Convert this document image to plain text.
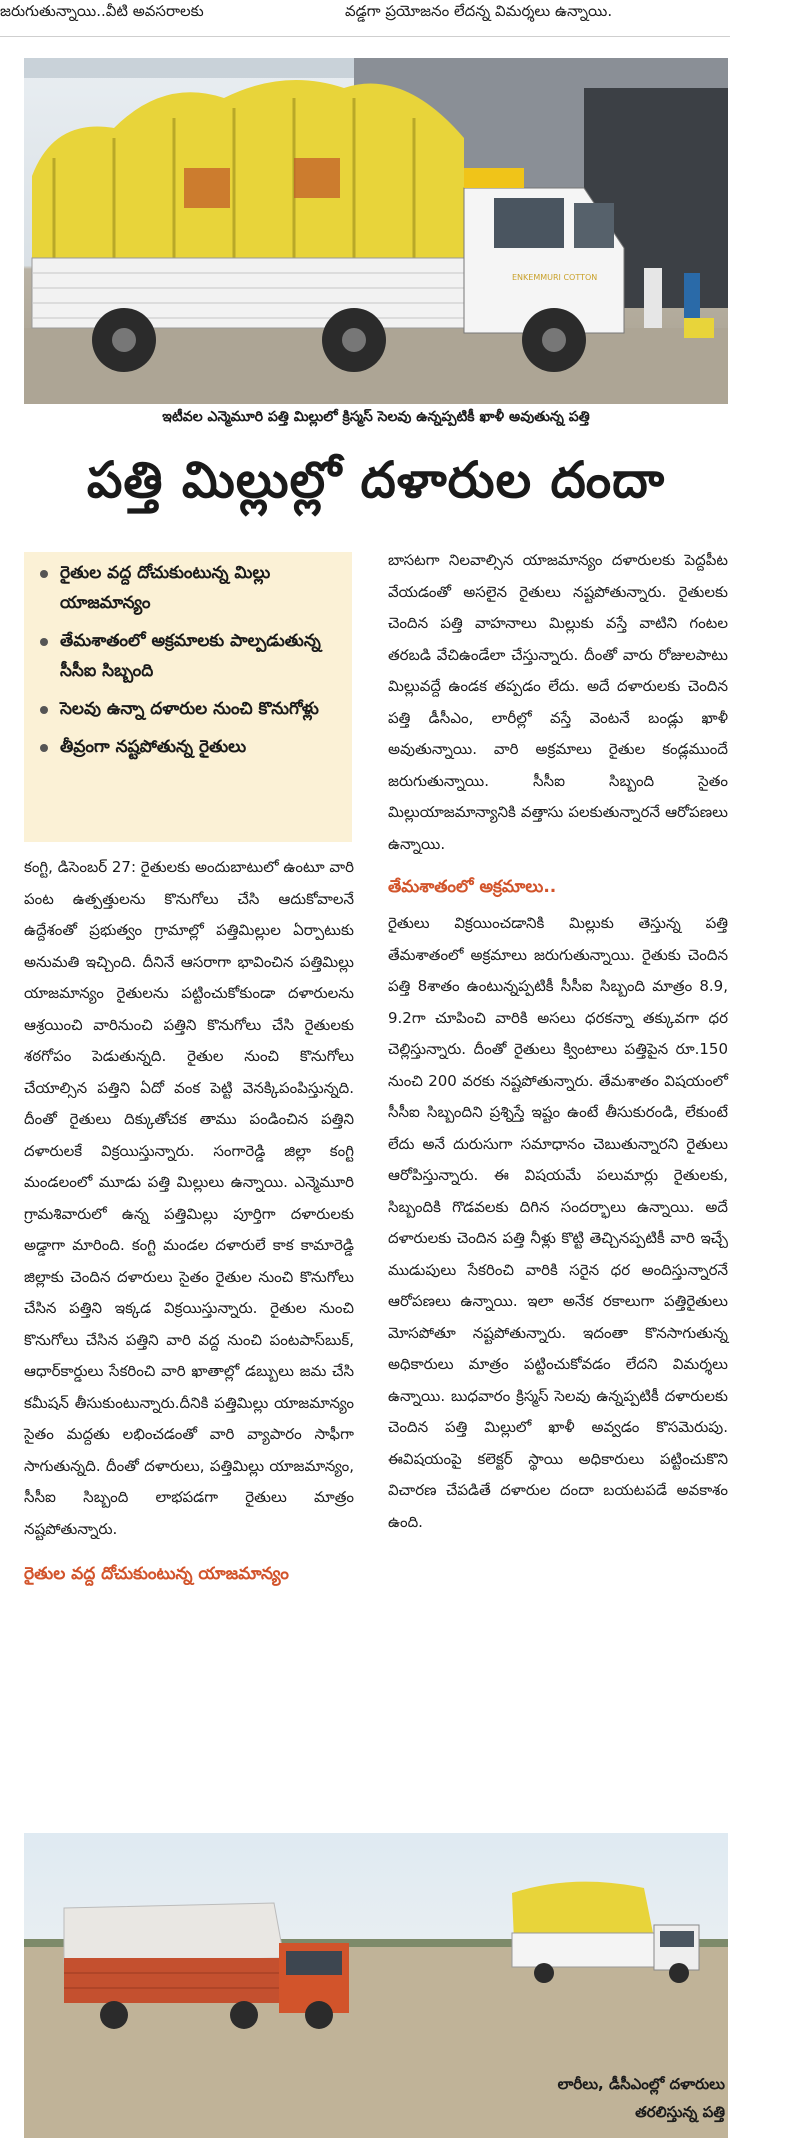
జరుగుతున్నాయి..వీటి అవసరాలకు	వడ్డగా ప్రయోజనం లేదన్న విమర్శలు ఉన్నాయి.
ENKEMMURI COTTON
ఇటీవల ఎన్మెమూరి పత్తి మిల్లులో క్రిస్మస్ సెలవు ఉన్నప్పటికీ ఖాళీ అవుతున్న పత్తి
పత్తి మిల్లుల్లో దళారుల దందా
రైతుల వద్ద దోచుకుంటున్న మిల్లు యాజమాన్యం
తేమశాతంలో అక్రమాలకు పాల్పడుతున్న సీసీఐ సిబ్బంది
సెలవు ఉన్నా దళారుల నుంచి కొనుగోళ్లు
తీవ్రంగా నష్టపోతున్న రైతులు

కంగ్టి, డిసెంబర్ 27: రైతులకు అందుబాటులో ఉంటూ వారి పంట ఉత్పత్తులను కొనుగోలు చేసి ఆదుకోవాలనే ఉద్దేశంతో ప్రభుత్వం గ్రామాల్లో పత్తిమిల్లుల ఏర్పాటుకు అనుమతి ఇచ్చింది. దీనినే ఆసరాగా భావించిన పత్తిమిల్లు యాజమాన్యం రైతులను పట్టించుకోకుండా దళారులను ఆశ్రయించి వారినుంచి పత్తిని కొనుగోలు చేసి రైతులకు శఠగోపం పెడుతున్నది. రైతుల నుంచి కొనుగోలు చేయాల్సిన పత్తిని ఏదో వంక పెట్టి వెనక్కిపంపిస్తున్నది. దీంతో రైతులు దిక్కుతోచక తాము పండించిన పత్తిని దళారులకే విక్రయిస్తున్నారు. సంగారెడ్డి జిల్లా కంగ్టి మండలంలో మూడు పత్తి మిల్లులు ఉన్నాయి. ఎన్మెమూరి గ్రామశివారులో ఉన్న పత్తిమిల్లు పూర్తిగా దళారులకు అడ్డాగా మారింది. కంగ్టి మండల దళారులే కాక కామారెడ్డి జిల్లాకు చెందిన దళారులు సైతం రైతుల నుంచి కొనుగోలు చేసిన పత్తిని ఇక్కడ విక్రయిస్తున్నారు. రైతుల నుంచి కొనుగోలు చేసిన పత్తిని వారి వద్ద నుంచి పంటపాస్‌బుక్, ఆధార్‌కార్డులు సేకరించి వారి ఖాతాల్లో డబ్బులు జమ చేసి కమీషన్ తీసుకుంటున్నారు.దీనికి పత్తిమిల్లు యాజమాన్యం సైతం మద్దతు లభించడంతో వారి వ్యాపారం సాఫీగా సాగుతున్నది. దీంతో దళారులు, పత్తిమిల్లు యాజమాన్యం, సీసీఐ సిబ్బంది లాభపడగా రైతులు మాత్రం నష్టపోతున్నారు.

రైతుల వద్ద దోచుకుంటున్న యాజమాన్యం

బాసటగా నిలవాల్సిన యాజమాన్యం దళారులకు పెద్దపీట వేయడంతో అసలైన రైతులు నష్టపోతున్నారు. రైతులకు చెందిన పత్తి వాహనాలు మిల్లుకు వస్తే వాటిని గంటల తరబడి వేచిఉండేలా చేస్తున్నారు. దీంతో వారు రోజులపాటు మిల్లువద్దే ఉండక తప్పడం లేదు. అదే దళారులకు చెందిన పత్తి డీసీఎం, లారీల్లో వస్తే వెంటనే బండ్లు ఖాళీ అవుతున్నాయి. వారి అక్రమాలు రైతుల కండ్లముందే జరుగుతున్నాయి. సీసీఐ సిబ్బంది సైతం మిల్లుయాజమాన్యానికి వత్తాసు పలకుతున్నారనే ఆరోపణలు ఉన్నాయి.

తేమశాతంలో అక్రమాలు..

రైతులు విక్రయించడానికి మిల్లుకు తెస్తున్న పత్తి తేమశాతంలో అక్రమాలు జరుగుతున్నాయి. రైతుకు చెందిన పత్తి 8శాతం ఉంటున్నప్పటికీ సీసీఐ సిబ్బంది మాత్రం 8.9, 9.2గా చూపించి వారికి అసలు ధరకన్నా తక్కువగా ధర చెల్లిస్తున్నారు. దీంతో రైతులు క్వింటాలు పత్తిపైన రూ.150 నుంచి 200 వరకు నష్టపోతున్నారు. తేమశాతం విషయంలో సీసీఐ సిబ్బందిని ప్రశ్నిస్తే ఇష్టం ఉంటే తీసుకురండి, లేకుంటే లేదు అనే దురుసుగా సమాధానం చెబుతున్నారని రైతులు ఆరోపిస్తున్నారు. ఈ విషయమే పలుమార్లు రైతులకు, సిబ్బందికి గొడవలకు దిగిన సందర్భాలు ఉన్నాయి. అదే దళారులకు చెందిన పత్తి నీళ్లు కొట్టి తెచ్చినప్పటికీ వారి ఇచ్చే ముడుపులు సేకరించి వారికి సరైన ధర అందిస్తున్నారనే ఆరోపణలు ఉన్నాయి. ఇలా అనేక రకాలుగా పత్తిరైతులు మోసపోతూ నష్టపోతున్నారు. ఇదంతా కొనసాగుతున్న అధికారులు మాత్రం పట్టించుకోవడం లేదని విమర్శలు ఉన్నాయి. బుధవారం క్రిస్మస్ సెలవు ఉన్నప్పటికీ దళారులకు చెందిన పత్తి మిల్లులో ఖాళీ అవ్వడం కొసమెరుపు. ఈవిషయంపై కలెక్టర్ స్థాయి అధికారులు పట్టించుకొని విచారణ చేపడితే దళారుల దందా బయటపడే అవకాశం ఉంది.

లారీలు, డీసీఎంల్లో దళారులు తరలిస్తున్న పత్తి
